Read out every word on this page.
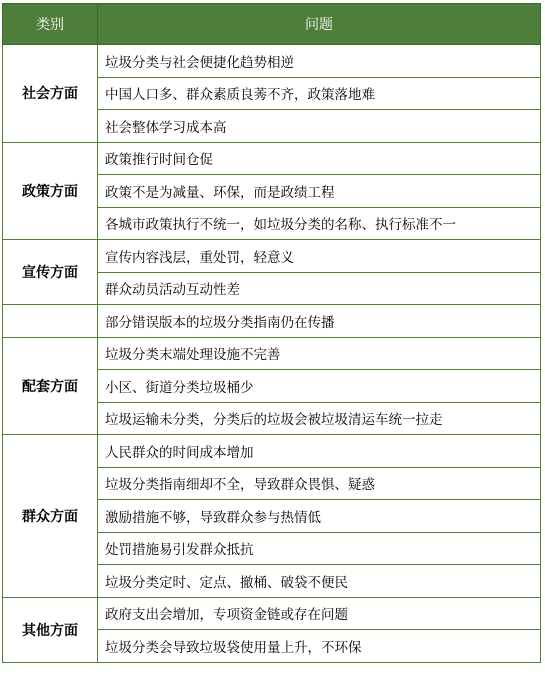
类别	问题
社会方面	垃圾分类与社会便捷化趋势相逆
	中国人口多、群众素质良莠不齐，政策落地难
	社会整体学习成本高
政策方面	政策推行时间仓促
	政策不是为减量、环保，而是政绩工程
	各城市政策执行不统一，如垃圾分类的名称、执行标准不一
宣传方面	宣传内容浅层，重处罚，轻意义
	群众动员活动互动性差
	部分错误版本的垃圾分类指南仍在传播
配套方面	垃圾分类末端处理设施不完善
	小区、街道分类垃圾桶少
	垃圾运输未分类，分类后的垃圾会被垃圾清运车统一拉走
群众方面	人民群众的时间成本增加
	垃圾分类指南细却不全，导致群众畏惧、疑惑
	激励措施不够，导致群众参与热情低
	处罚措施易引发群众抵抗
	垃圾分类定时、定点、撤桶、破袋不便民
其他方面	政府支出会增加，专项资金链或存在问题
	垃圾分类会导致垃圾袋使用量上升，不环保
